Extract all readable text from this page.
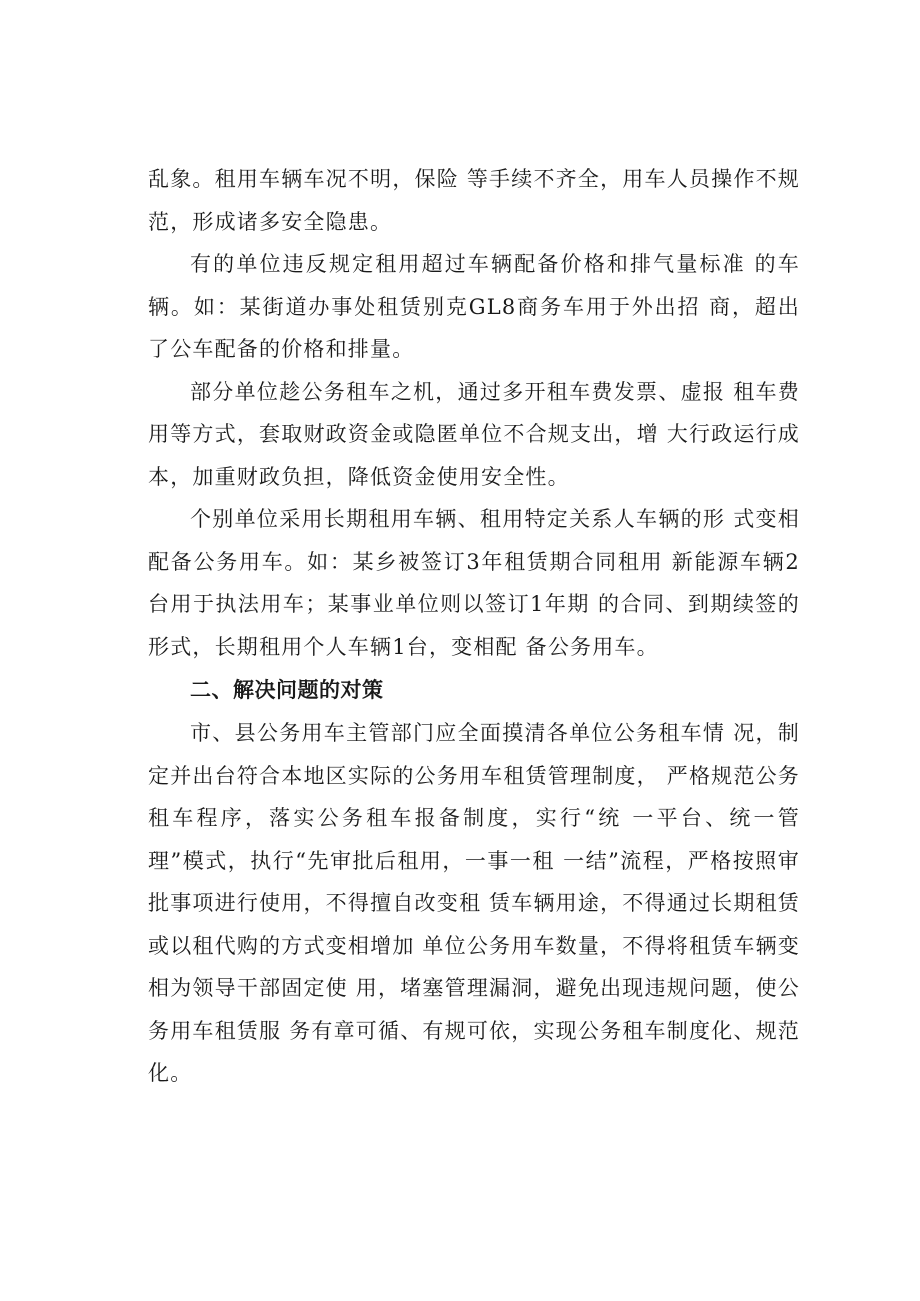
乱象。租用车辆车况不明，保险 等手续不齐全，用车人员操作不规范，形成诸多安全隐患。

有的单位违反规定租用超过车辆配备价格和排气量标准 的车辆。如：某街道办事处租赁别克GL8商务车用于外出招 商，超出了公车配备的价格和排量。

部分单位趁公务租车之机，通过多开租车费发票、虚报 租车费用等方式，套取财政资金或隐匿单位不合规支出，增 大行政运行成本，加重财政负担，降低资金使用安全性。

个别单位采用长期租用车辆、租用特定关系人车辆的形 式变相配备公务用车。如：某乡被签订3年租赁期合同租用 新能源车辆2台用于执法用车；某事业单位则以签订1年期 的合同、到期续签的形式，长期租用个人车辆1台，变相配 备公务用车。

二、解决问题的对策

市、县公务用车主管部门应全面摸清各单位公务租车情 况，制定并出台符合本地区实际的公务用车租赁管理制度， 严格规范公务租车程序，落实公务租车报备制度，实行“统 一平台、统一管理”模式，执行“先审批后租用，一事一租 一结”流程，严格按照审批事项进行使用，不得擅自改变租 赁车辆用途，不得通过长期租赁或以租代购的方式变相增加 单位公务用车数量，不得将租赁车辆变相为领导干部固定使 用，堵塞管理漏洞，避免出现违规问题，使公务用车租赁服 务有章可循、有规可依，实现公务租车制度化、规范化。
